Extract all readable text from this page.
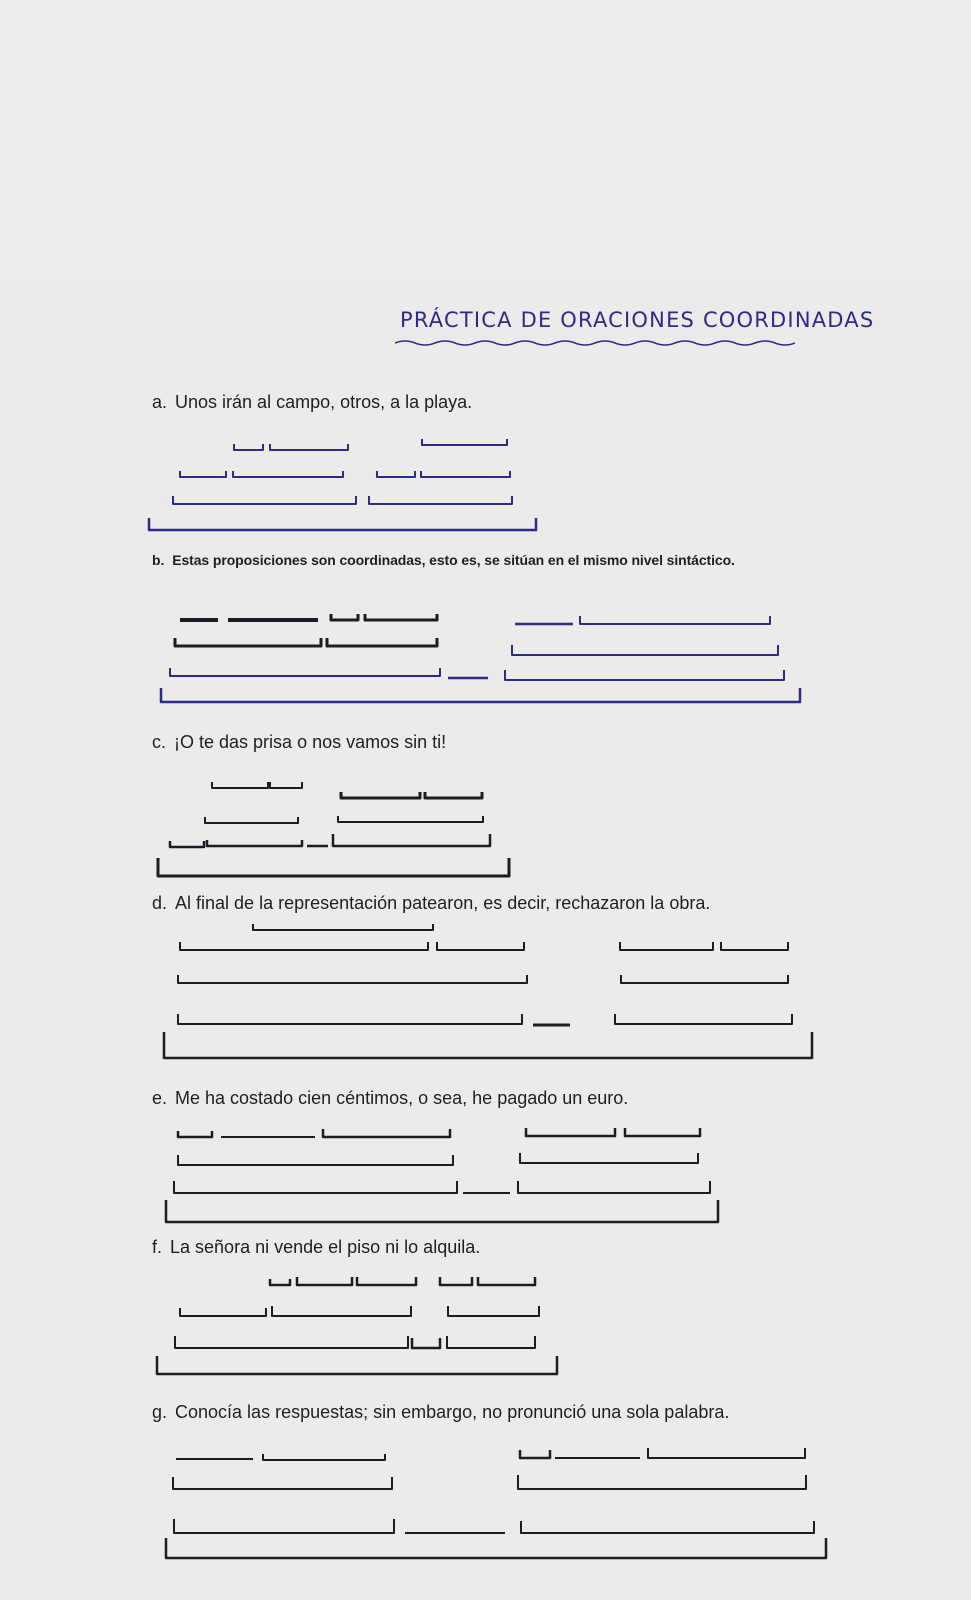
PRÁCTICA DE ORACIONES COORDINADAS
a. Unos irán al campo, otros, a la playa.
b. Estas proposiciones son coordinadas, esto es, se sitúan en el mismo nivel sintáctico.
c. ¡O te das prisa o nos vamos sin ti!
d. Al final de la representación patearon, es decir, rechazaron la obra.
e. Me ha costado cien céntimos, o sea, he pagado un euro.
f. La señora ni vende el piso ni lo alquila.
g. Conocía las respuestas; sin embargo, no pronunció una sola palabra.
